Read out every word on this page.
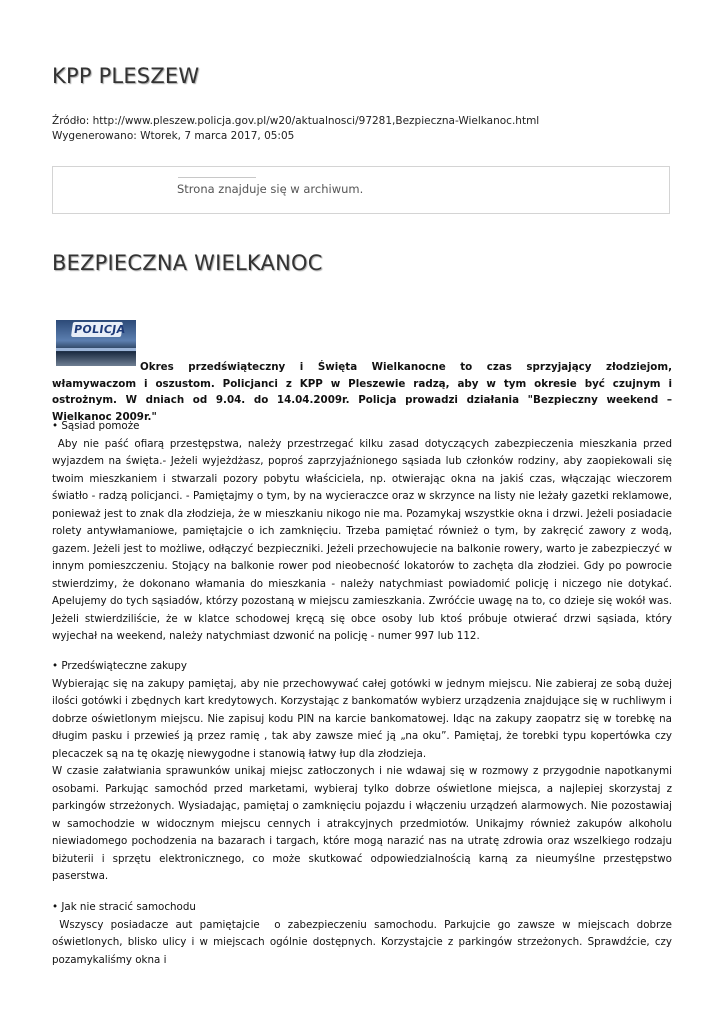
KPP PLESZEW
Źródło: http://www.pleszew.policja.gov.pl/w20/aktualnosci/97281,Bezpieczna-Wielkanoc.html
Wygenerowano: Wtorek, 7 marca 2017, 05:05
Strona znajduje się w archiwum.
BEZPIECZNA WIELKANOC
POLICJA
Okres przedświąteczny i Święta Wielkanocne to czas sprzyjający złodziejom, włamywaczom i oszustom. Policjanci z KPP w Pleszewie radzą, aby w tym okresie być czujnym i ostrożnym. W dniach od 9.04. do 14.04.2009r. Policja prowadzi działania "Bezpieczny weekend – Wielkanoc 2009r."

• Sąsiad pomoże

Aby nie paść ofiarą przestępstwa, należy przestrzegać kilku zasad dotyczących zabezpieczenia mieszkania przed wyjazdem na święta.- Jeżeli wyjeżdżasz, poproś zaprzyjaźnionego sąsiada lub członków rodziny, aby zaopiekowali się twoim mieszkaniem i stwarzali pozory pobytu właściciela, np. otwierając okna na jakiś czas, włączając wieczorem światło - radzą policjanci. - Pamiętajmy o tym, by na wycieraczce oraz w skrzynce na listy nie leżały gazetki reklamowe, ponieważ jest to znak dla złodzieja, że w mieszkaniu nikogo nie ma. Pozamykaj wszystkie okna i drzwi. Jeżeli posiadacie rolety antywłamaniowe, pamiętajcie o ich zamknięciu. Trzeba pamiętać również o tym, by zakręcić zawory z wodą, gazem. Jeżeli jest to możliwe, odłączyć bezpieczniki. Jeżeli przechowujecie na balkonie rowery, warto je zabezpieczyć w innym pomieszczeniu. Stojący na balkonie rower pod nieobecność lokatorów to zachęta dla złodziei. Gdy po powrocie stwierdzimy, że dokonano włamania do mieszkania - należy natychmiast powiadomić policję i niczego nie dotykać.  Apelujemy do tych sąsiadów, którzy pozostaną w miejscu zamieszkania. Zwróćcie uwagę na to, co dzieje się wokół was. Jeżeli stwierdziliście, że w klatce schodowej kręcą się obce osoby lub ktoś próbuje otwierać drzwi sąsiada, który wyjechał na weekend, należy natychmiast dzwonić na policję - numer 997 lub 112.

• Przedświąteczne zakupy

Wybierając się na zakupy pamiętaj, aby nie przechowywać całej gotówki w jednym miejscu. Nie zabieraj ze sobą dużej ilości gotówki i zbędnych kart kredytowych. Korzystając z bankomatów wybierz urządzenia znajdujące się w ruchliwym i dobrze oświetlonym miejscu. Nie zapisuj kodu PIN na karcie bankomatowej. Idąc na zakupy zaopatrz się w torebkę na długim pasku i przewieś ją przez ramię , tak aby zawsze mieć ją „na oku”. Pamiętaj, że torebki typu kopertówka czy plecaczek są na tę okazję niewygodne i stanowią łatwy łup dla złodzieja.

W czasie załatwiania sprawunków unikaj miejsc zatłoczonych i nie wdawaj się w rozmowy z przygodnie napotkanymi osobami. Parkując samochód przed marketami, wybieraj tylko dobrze oświetlone miejsca, a najlepiej skorzystaj z parkingów strzeżonych. Wysiadając, pamiętaj o zamknięciu pojazdu i włączeniu urządzeń alarmowych. Nie pozostawiaj w samochodzie w widocznym miejscu cennych i atrakcyjnych przedmiotów. Unikajmy również zakupów alkoholu niewiadomego pochodzenia na bazarach i targach, które mogą narazić nas na utratę zdrowia oraz wszelkiego rodzaju biżuterii i sprzętu elektronicznego, co może skutkować odpowiedzialnością karną za nieumyślne przestępstwo paserstwa.

• Jak nie stracić samochodu

Wszyscy posiadacze aut pamiętajcie  o zabezpieczeniu samochodu. Parkujcie go zawsze w miejscach dobrze oświetlonych, blisko ulicy i w miejscach ogólnie dostępnych. Korzystajcie z parkingów strzeżonych. Sprawdźcie, czy pozamykaliśmy okna i
